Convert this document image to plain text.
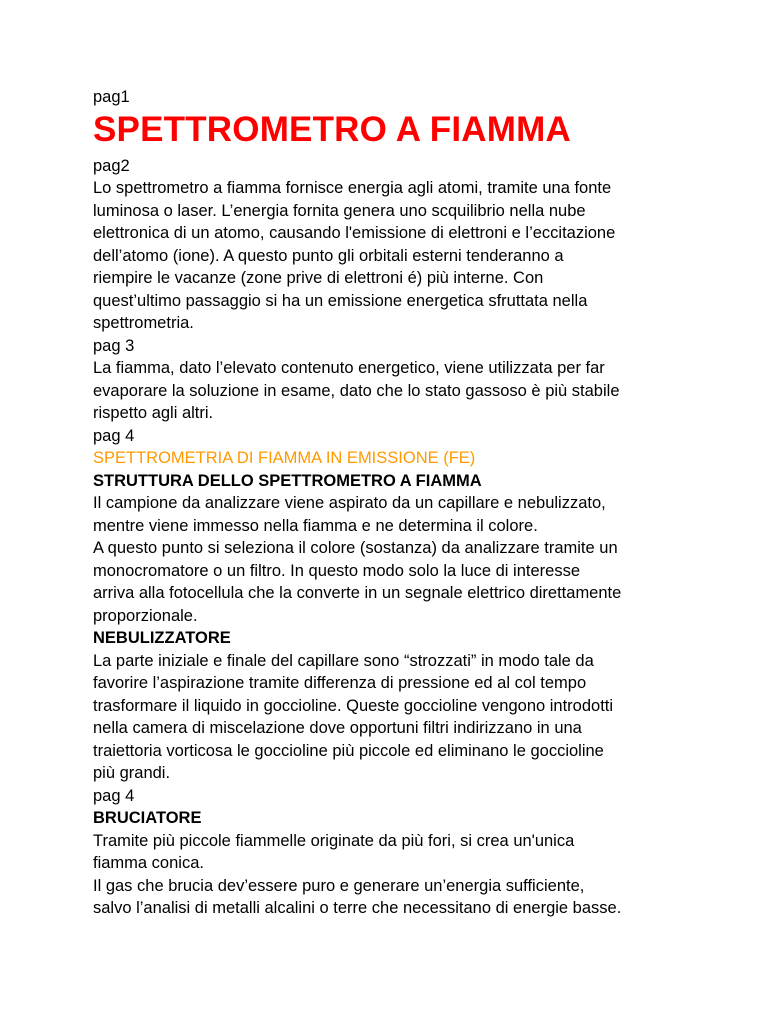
pag1

SPETTROMETRO A FIAMMA

pag2

Lo spettrometro a fiamma fornisce energia agli atomi, tramite una fonte

luminosa o laser. L’energia fornita genera uno scquilibrio nella nube

elettronica di un atomo, causando l'emissione di elettroni e l’eccitazione

dell’atomo (ione). A questo punto gli orbitali esterni tenderanno a

riempire le vacanze (zone prive di elettroni é) più interne. Con

quest’ultimo passaggio si ha un emissione energetica sfruttata nella

spettrometria.

pag 3

La fiamma, dato l’elevato contenuto energetico, viene utilizzata per far

evaporare la soluzione in esame, dato che lo stato gassoso è più stabile

rispetto agli altri.

pag 4

SPETTROMETRIA DI FIAMMA IN EMISSIONE (FE)

STRUTTURA DELLO SPETTROMETRO A FIAMMA

Il campione da analizzare viene aspirato da un capillare e nebulizzato,

mentre viene immesso nella fiamma e ne determina il colore.

A questo punto si seleziona il colore (sostanza) da analizzare tramite un

monocromatore o un filtro. In questo modo solo la luce di interesse

arriva alla fotocellula che la converte in un segnale elettrico direttamente

proporzionale.

NEBULIZZATORE

La parte iniziale e finale del capillare sono “strozzati” in modo tale da

favorire l’aspirazione tramite differenza di pressione ed al col tempo

trasformare il liquido in goccioline. Queste goccioline vengono introdotti

nella camera di miscelazione dove opportuni filtri indirizzano in una

traiettoria vorticosa le goccioline più piccole ed eliminano le goccioline

più grandi.

pag 4

BRUCIATORE

Tramite più piccole fiammelle originate da più fori, si crea un'unica

fiamma conica.

Il gas che brucia dev’essere puro e generare un’energia sufficiente,

salvo l’analisi di metalli alcalini o terre che necessitano di energie basse.
